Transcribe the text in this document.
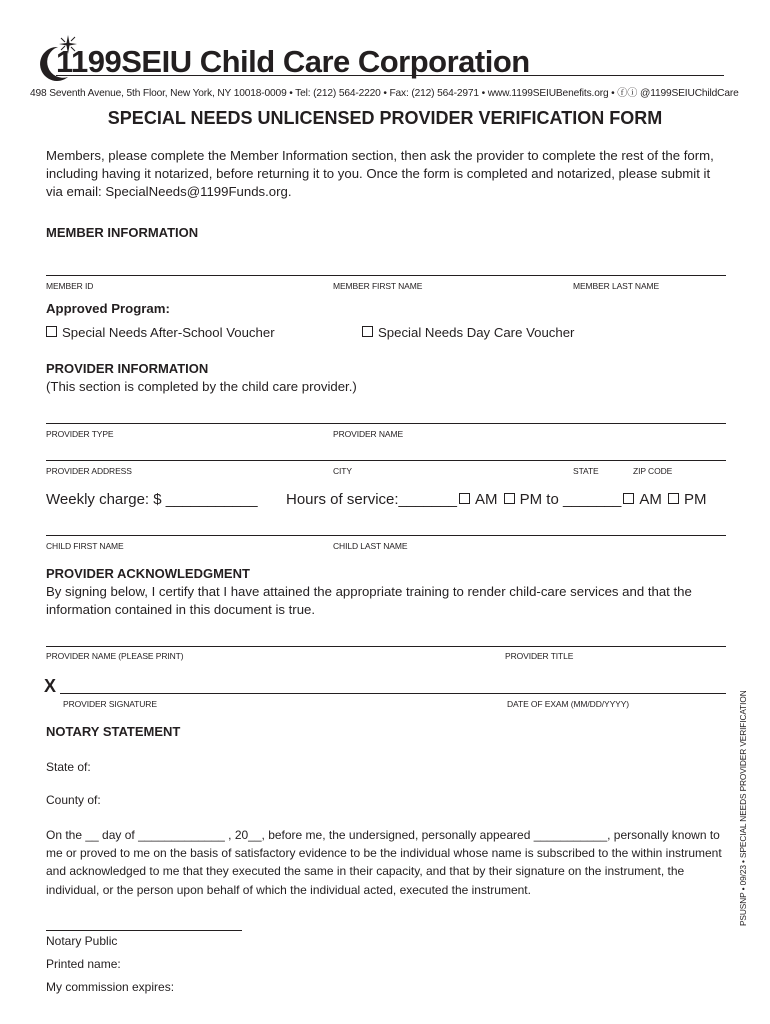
1199SEIU Child Care Corporation
498 Seventh Avenue, 5th Floor, New York, NY 10018-0009 • Tel: (212) 564-2220 • Fax: (212) 564-2971 • www.1199SEIUBenefits.org • ⓕⓘ @1199SEIUChildCare
SPECIAL NEEDS UNLICENSED PROVIDER VERIFICATION FORM
Members, please complete the Member Information section, then ask the provider to complete the rest of the form, including having it notarized, before returning it to you. Once the form is completed and notarized, please submit it via email: SpecialNeeds@1199Funds.org.
MEMBER INFORMATION
MEMBER ID	MEMBER FIRST NAME	MEMBER LAST NAME
Approved Program:
Special Needs After-School Voucher	Special Needs Day Care Voucher
PROVIDER INFORMATION
(This section is completed by the child care provider.)
PROVIDER TYPE	PROVIDER NAME
PROVIDER ADDRESS	CITY	STATE	ZIP CODE
Weekly charge: $ ___________ Hours of service:_______ AM PM to _______ AM PM
CHILD FIRST NAME	CHILD LAST NAME
PROVIDER ACKNOWLEDGMENT
By signing below, I certify that I have attained the appropriate training to render child-care services and that the information contained in this document is true.
PROVIDER NAME (PLEASE PRINT)	PROVIDER TITLE
X
PROVIDER SIGNATURE	DATE OF EXAM (MM/DD/YYYY)
NOTARY STATEMENT
State of:
County of:
On the __ day of _____________ , 20__, before me, the undersigned, personally appeared ___________, personally known to me or proved to me on the basis of satisfactory evidence to be the individual whose name is subscribed to the within instrument and acknowledged to me that they executed the same in their capacity, and that by their signature on the instrument, the individual, or the person upon behalf of which the individual acted, executed the instrument.
Notary Public
Printed name:
My commission expires:
PSUSNP • 09/23 • SPECIAL NEEDS PROVIDER VERIFICATION
